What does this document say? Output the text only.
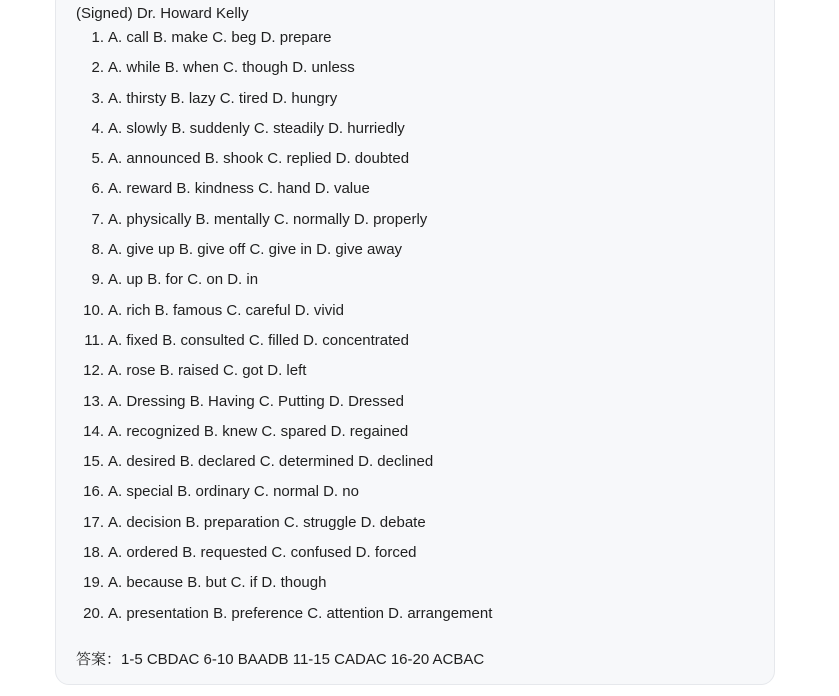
(Signed) Dr. Howard Kelly
1. A. call B. make C. beg D. prepare
2. A. while B. when C. though D. unless
3. A. thirsty B. lazy C. tired D. hungry
4. A. slowly B. suddenly C. steadily D. hurriedly
5. A. announced B. shook C. replied D. doubted
6. A. reward B. kindness C. hand D. value
7. A. physically B. mentally C. normally D. properly
8. A. give up B. give off C. give in D. give away
9. A. up B. for C. on D. in
10. A. rich B. famous C. careful D. vivid
11. A. fixed B. consulted C. filled D. concentrated
12. A. rose B. raised C. got D. left
13. A. Dressing B. Having C. Putting D. Dressed
14. A. recognized B. knew C. spared D. regained
15. A. desired B. declared C. determined D. declined
16. A. special B. ordinary C. normal D. no
17. A. decision B. preparation C. struggle D. debate
18. A. ordered B. requested C. confused D. forced
19. A. because B. but C. if D. though
20. A. presentation B. preference C. attention D. arrangement
答案：1-5 CBDAC 6-10 BAADB 11-15 CADAC 16-20 ACBAC
